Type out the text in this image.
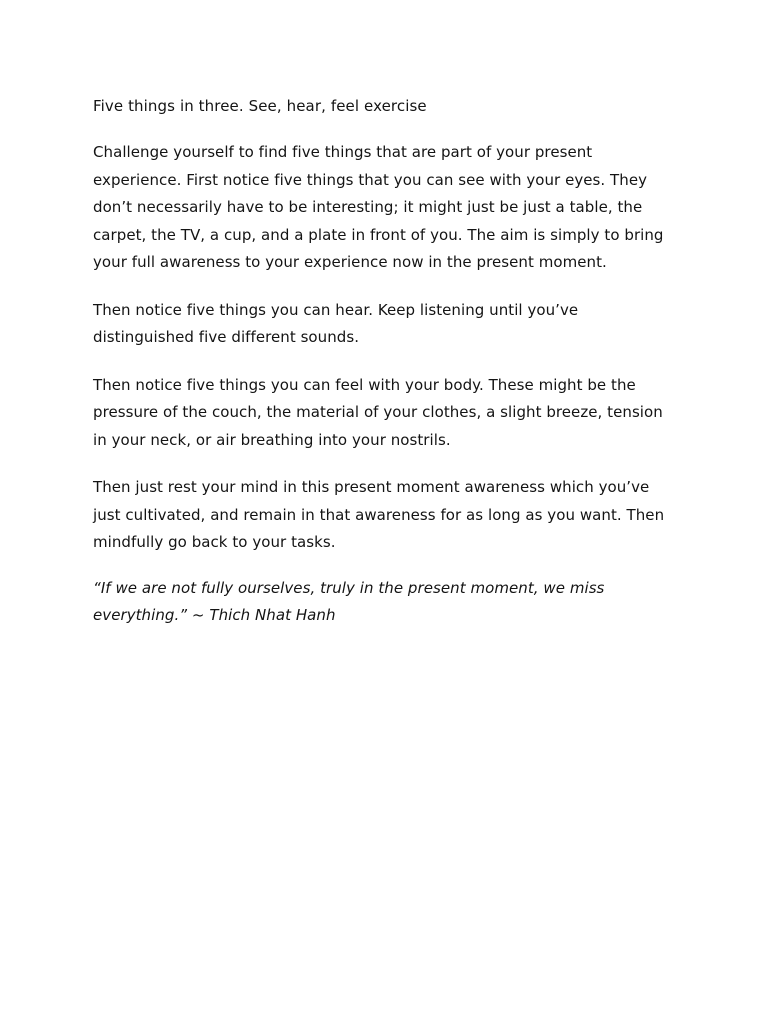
Five things in three. See, hear, feel exercise

Challenge yourself to find five things that are part of your present
experience. First notice five things that you can see with your eyes. They
don’t necessarily have to be interesting; it might just be just a table, the
carpet, the TV, a cup, and a plate in front of you. The aim is simply to bring
your full awareness to your experience now in the present moment.

Then notice five things you can hear. Keep listening until you’ve
distinguished five different sounds.

Then notice five things you can feel with your body. These might be the
pressure of the couch, the material of your clothes, a slight breeze, tension
in your neck, or air breathing into your nostrils.

Then just rest your mind in this present moment awareness which you’ve
just cultivated, and remain in that awareness for as long as you want. Then
mindfully go back to your tasks.

“If we are not fully ourselves, truly in the present moment, we miss
everything.” ~ Thich Nhat Hanh
